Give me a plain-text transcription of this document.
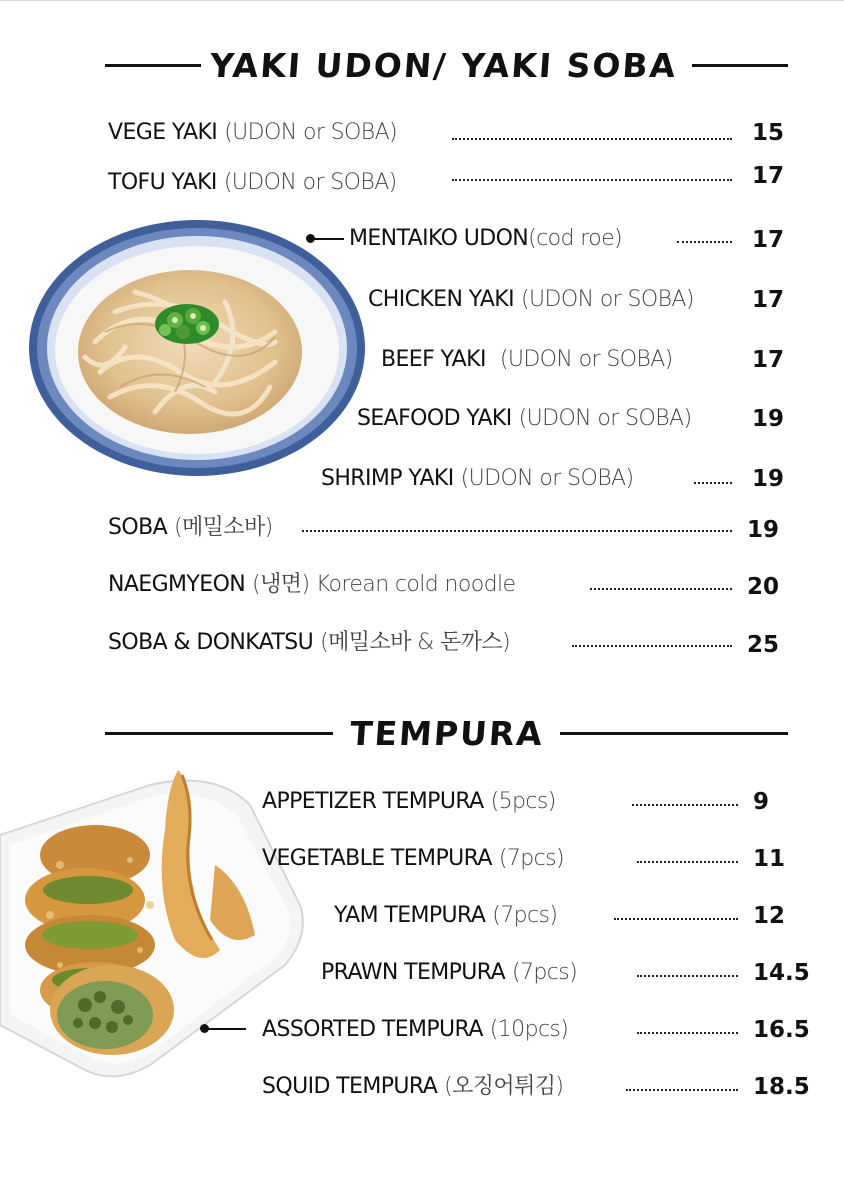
YAKI UDON/ YAKI SOBA
VEGE YAKI (UDON or SOBA)	15
TOFU YAKI (UDON or SOBA)	17
MENTAIKO UDON(cod roe)	17
CHICKEN YAKI (UDON or SOBA)	17
BEEF YAKI (UDON or SOBA)	17
SEAFOOD YAKI (UDON or SOBA)	19
SHRIMP YAKI (UDON or SOBA)	19
SOBA (메밀소바)	19
NAEGMYEON (냉면) Korean cold noodle	20
SOBA & DONKATSU (메밀소바 & 돈까스)	25
TEMPURA
APPETIZER TEMPURA (5pcs)	9
VEGETABLE TEMPURA (7pcs)	11
YAM TEMPURA (7pcs)	12
PRAWN TEMPURA (7pcs)	14.5
ASSORTED TEMPURA (10pcs)	16.5
SQUID TEMPURA (오징어튀김)	18.5
